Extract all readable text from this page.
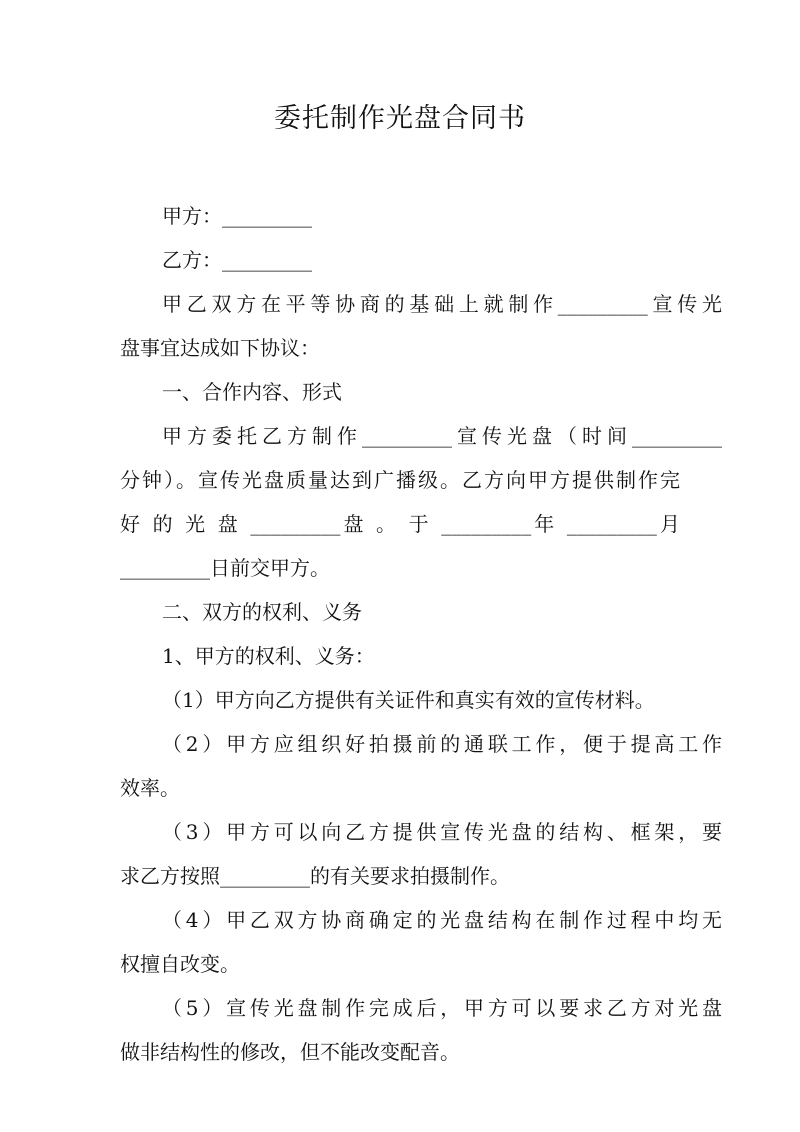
委托制作光盘合同书

甲方：_________

乙方：_________

甲乙双方在平等协商的基础上就制作_________宣传光

盘事宜达成如下协议：

一、合作内容、形式

甲方委托乙方制作_________宣传光盘（时间_________

分钟）。宣传光盘质量达到广播级。乙方向甲方提供制作完

好 的 光 盘 _________盘 。 于 _________年 _________月

_________日前交甲方。

二、双方的权利、义务

1、甲方的权利、义务：

（1）甲方向乙方提供有关证件和真实有效的宣传材料。

（2）甲方应组织好拍摄前的通联工作，便于提高工作

效率。

（3）甲方可以向乙方提供宣传光盘的结构、框架，要

求乙方按照_________的有关要求拍摄制作。

（4）甲乙双方协商确定的光盘结构在制作过程中均无

权擅自改变。

（5）宣传光盘制作完成后，甲方可以要求乙方对光盘

做非结构性的修改，但不能改变配音。
